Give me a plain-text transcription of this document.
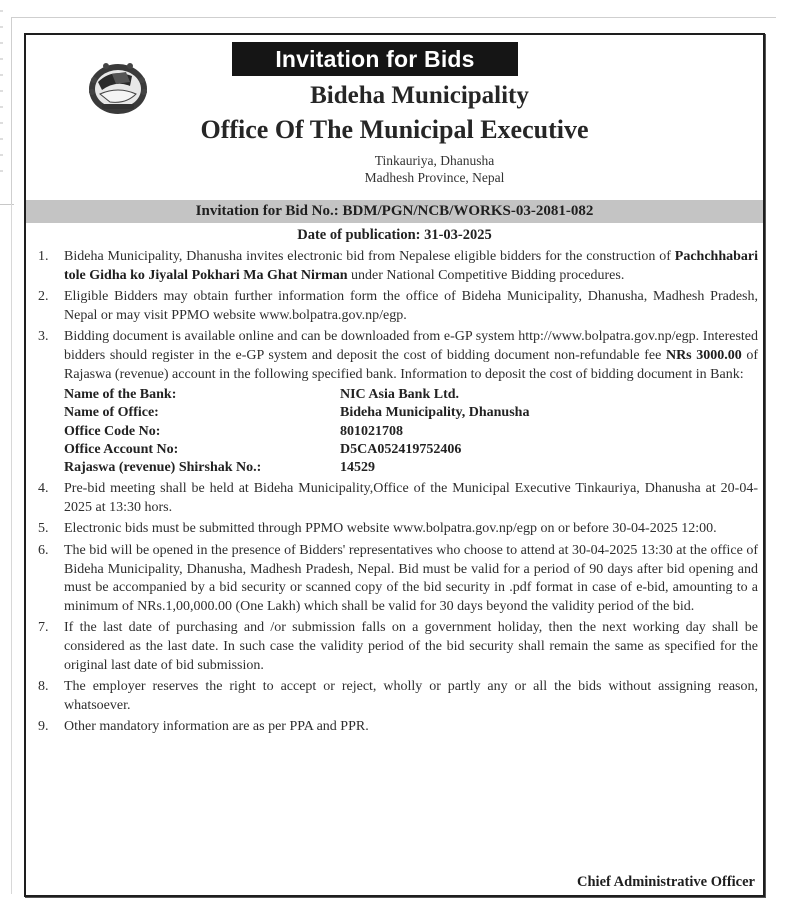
Invitation for Bids
Bideha Municipality
Office Of The Municipal Executive
Tinkauriya, Dhanusha
Madhesh Province, Nepal
Invitation for Bid No.: BDM/PGN/NCB/WORKS-03-2081-082
Date of publication: 31-03-2025
1. Bideha Municipality, Dhanusha invites electronic bid from Nepalese eligible bidders for the construction of Pachchhabari tole Gidha ko Jiyalal Pokhari Ma Ghat Nirman under National Competitive Bidding procedures.
2. Eligible Bidders may obtain further information form the office of Bideha Municipality, Dhanusha, Madhesh Pradesh, Nepal or may visit PPMO website www.bolpatra.gov.np/egp.
3. Bidding document is available online and can be downloaded from e-GP system http://www.bolpatra.gov.np/egp. Interested bidders should register in the e-GP system and deposit the cost of bidding document non-refundable fee NRs 3000.00 of Rajaswa (revenue) account in the following specified bank. Information to deposit the cost of bidding document in Bank:
Name of the Bank:	NIC Asia Bank Ltd.
Name of Office:	Bideha Municipality, Dhanusha
Office Code No:	801021708
Office Account No:	D5CA052419752406
Rajaswa (revenue) Shirshak No.:	14529
4. Pre-bid meeting shall be held at Bideha Municipality,Office of the Municipal Executive Tinkauriya, Dhanusha at 20-04-2025 at 13:30 hors.
5. Electronic bids must be submitted through PPMO website www.bolpatra.gov.np/egp on or before 30-04-2025 12:00.
6. The bid will be opened in the presence of Bidders' representatives who choose to attend at 30-04-2025 13:30 at the office of Bideha Municipality, Dhanusha, Madhesh Pradesh, Nepal. Bid must be valid for a period of 90 days after bid opening and must be accompanied by a bid security or scanned copy of the bid security in .pdf format in case of e-bid, amounting to a minimum of NRs.1,00,000.00 (One Lakh) which shall be valid for 30 days beyond the validity period of the bid.
7. If the last date of purchasing and /or submission falls on a government holiday, then the next working day shall be considered as the last date. In such case the validity period of the bid security shall remain the same as specified for the original last date of bid submission.
8. The employer reserves the right to accept or reject, wholly or partly any or all the bids without assigning reason, whatsoever.
9. Other mandatory information are as per PPA and PPR.
Chief Administrative Officer
